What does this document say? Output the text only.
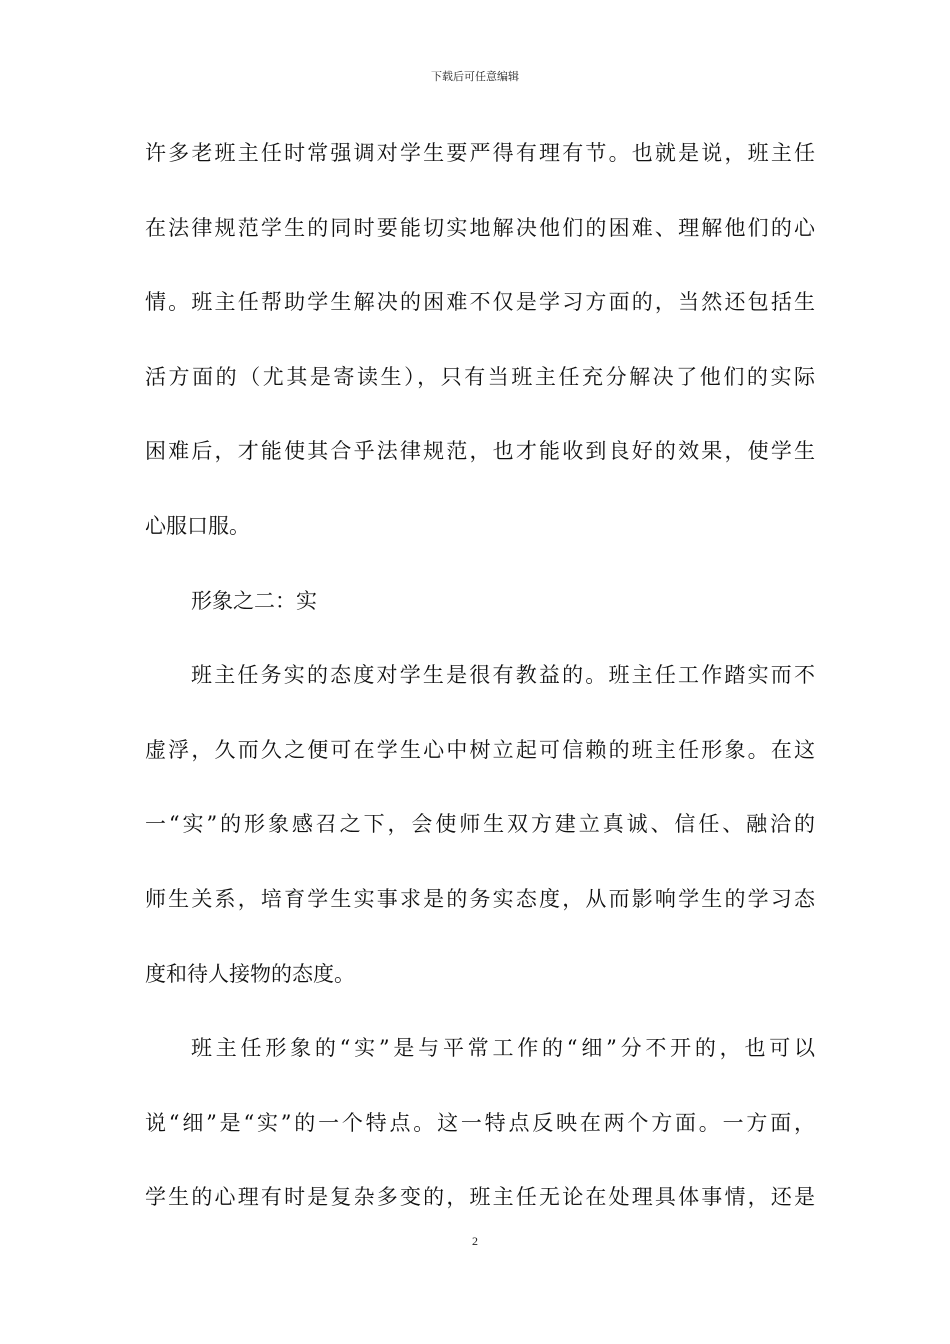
下载后可任意编辑
许多老班主任时常强调对学生要严得有理有节。也就是说，班主任
在法律规范学生的同时要能切实地解决他们的困难、理解他们的心
情。班主任帮助学生解决的困难不仅是学习方面的，当然还包括生
活方面的（尤其是寄读生），只有当班主任充分解决了他们的实际
困难后，才能使其合乎法律规范，也才能收到良好的效果，使学生
心服口服。
形象之二：实
班主任务实的态度对学生是很有教益的。班主任工作踏实而不
虚浮，久而久之便可在学生心中树立起可信赖的班主任形象。在这
一“实”的形象感召之下，会使师生双方建立真诚、信任、融洽的
师生关系，培育学生实事求是的务实态度，从而影响学生的学习态
度和待人接物的态度。
班主任形象的“实”是与平常工作的“细”分不开的，也可以
说“细”是“实”的一个特点。这一特点反映在两个方面。一方面，
学生的心理有时是复杂多变的，班主任无论在处理具体事情，还是
2
